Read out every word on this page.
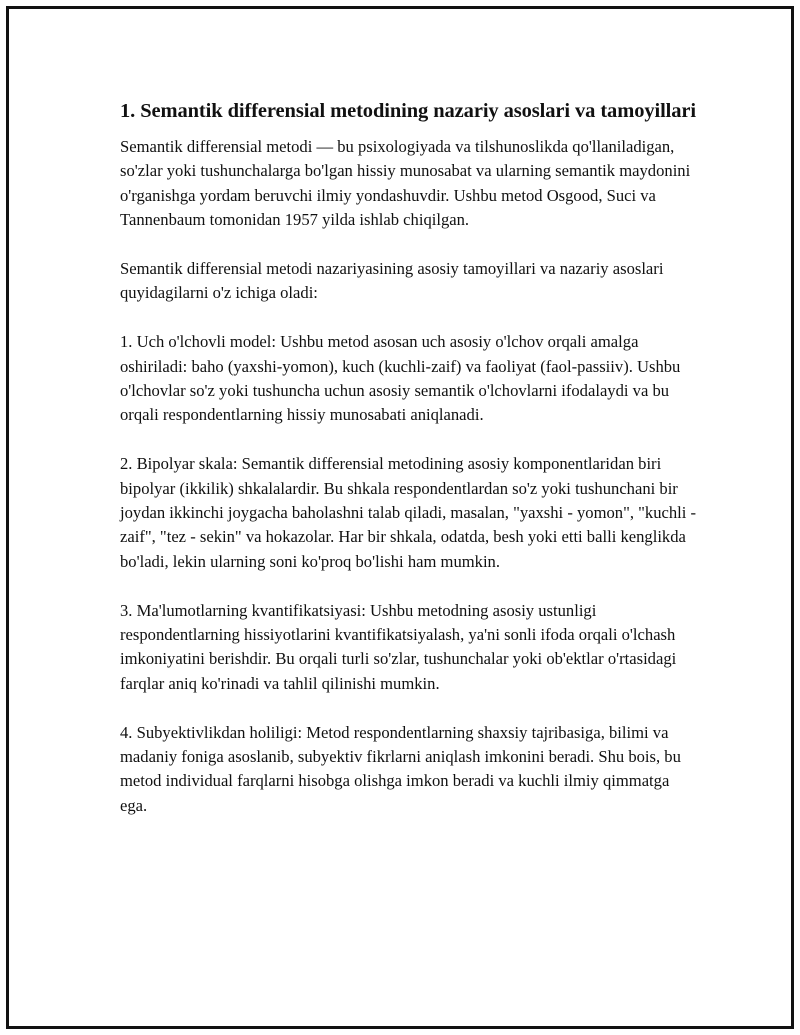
1. Semantik differensial metodining nazariy asoslari va tamoyillari

Semantik differensial metodi — bu psixologiyada va tilshunoslikda qo'llaniladigan, so'zlar yoki tushunchalarga bo'lgan hissiy munosabat va ularning semantik maydonini o'rganishga yordam beruvchi ilmiy yondashuvdir. Ushbu metod Osgood, Suci va Tannenbaum tomonidan 1957 yilda ishlab chiqilgan.

Semantik differensial metodi nazariyasining asosiy tamoyillari va nazariy asoslari quyidagilarni o'z ichiga oladi:

1. Uch o'lchovli model: Ushbu metod asosan uch asosiy o'lchov orqali amalga oshiriladi: baho (yaxshi-yomon), kuch (kuchli-zaif) va faoliyat (faol-passiiv). Ushbu o'lchovlar so'z yoki tushuncha uchun asosiy semantik o'lchovlarni ifodalaydi va bu orqali respondentlarning hissiy munosabati aniqlanadi.

2. Bipolyar skala: Semantik differensial metodining asosiy komponentlaridan biri bipolyar (ikkilik) shkalalardir. Bu shkala respondentlardan so'z yoki tushunchani bir joydan ikkinchi joygacha baholashni talab qiladi, masalan, "yaxshi - yomon", "kuchli - zaif", "tez - sekin" va hokazolar. Har bir shkala, odatda, besh yoki etti balli kenglikda bo'ladi, lekin ularning soni ko'proq bo'lishi ham mumkin.

3. Ma'lumotlarning kvantifikatsiyasi: Ushbu metodning asosiy ustunligi respondentlarning hissiyotlarini kvantifikatsiyalash, ya'ni sonli ifoda orqali o'lchash imkoniyatini berishdir. Bu orqali turli so'zlar, tushunchalar yoki ob'ektlar o'rtasidagi farqlar aniq ko'rinadi va tahlil qilinishi mumkin.

4. Subyektivlikdan holiligi: Metod respondentlarning shaxsiy tajribasiga, bilimi va madaniy foniga asoslanib, subyektiv fikrlarni aniqlash imkonini beradi. Shu bois, bu metod individual farqlarni hisobga olishga imkon beradi va kuchli ilmiy qimmatga ega.
